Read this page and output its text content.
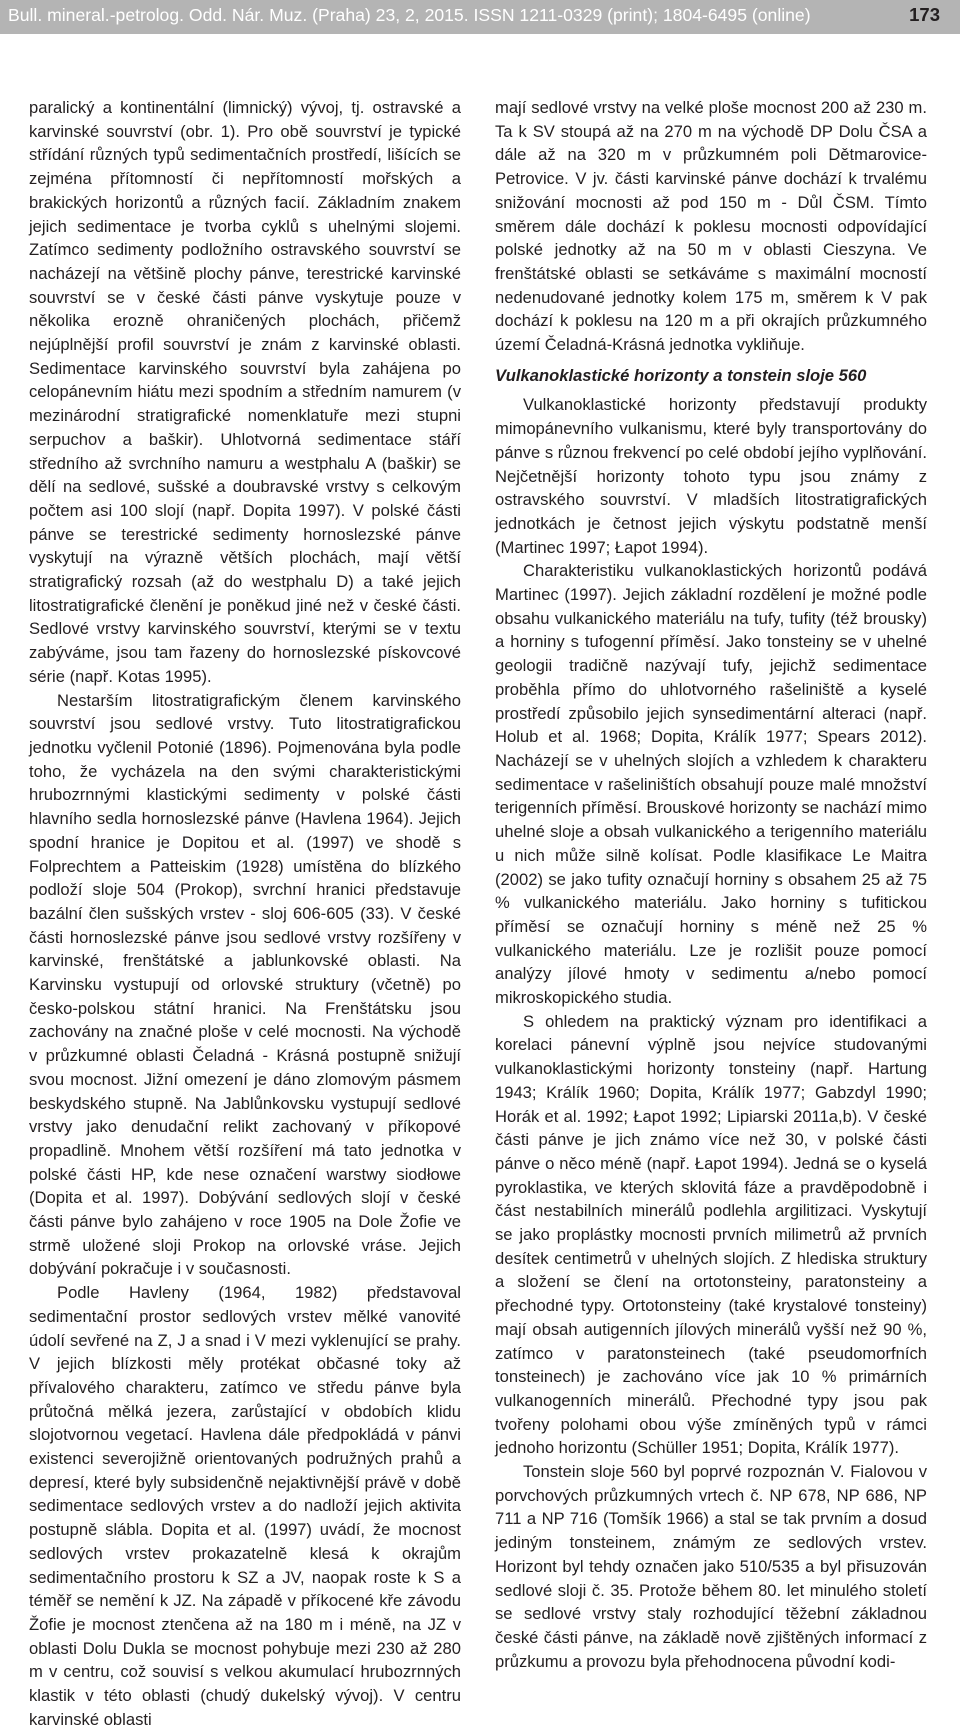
Bull. mineral.-petrolog. Odd. Nár. Muz. (Praha) 23, 2, 2015. ISSN 1211-0329 (print); 1804-6495 (online)	173

paralický a kontinentální (limnický) vývoj, tj. ostravské a karvinské souvrství (obr. 1). Pro obě souvrství je typické střídání různých typů sedimentačních prostředí, lišících se zejména přítomností či nepřítomností mořských a brakických horizontů a různých facií. Základním znakem jejich sedimentace je tvorba cyklů s uhelnými slojemi. Zatímco sedimenty podložního ostravského souvrství se nacházejí na většině plochy pánve, terestrické karvinské souvrství se v české části pánve vyskytuje pouze v několika erozně ohraničených plochách, přičemž nejúplnější profil souvrství je znám z karvinské oblasti. Sedimentace karvinského souvrství byla zahájena po celopánevním hiátu mezi spodním a středním namurem (v mezinárodní stratigrafické nomenklatuře mezi stupni serpuchov a baškir). Uhlotvorná sedimentace stáří středního až svrchního namuru a westphalu A (baškir) se dělí na sedlové, sušské a doubravské vrstvy s celkovým počtem asi 100 slojí (např. Dopita 1997). V polské části pánve se terestrické sedimenty hornoslezské pánve vyskytují na výrazně větších plochách, mají větší stratigrafický rozsah (až do westphalu D) a také jejich litostratigrafické členění je poněkud jiné než v české části. Sedlové vrstvy karvinského souvrství, kterými se v textu zabýváme, jsou tam řazeny do hornoslezské pískovcové série (např. Kotas 1995).

Nestarším litostratigrafickým členem karvinského souvrství jsou sedlové vrstvy. Tuto litostratigrafickou jednotku vyčlenil Potonié (1896). Pojmenována byla podle toho, že vycházela na den svými charakteristickými hrubozrnnými klastickými sedimenty v polské části hlavního sedla hornoslezské pánve (Havlena 1964). Jejich spodní hranice je Dopitou et al. (1997) ve shodě s Folprechtem a Patteiskim (1928) umístěna do blízkého podloží sloje 504 (Prokop), svrchní hranici představuje bazální člen sušských vrstev - sloj 606-605 (33). V české části hornoslezské pánve jsou sedlové vrstvy rozšířeny v karvinské, frenštátské a jablunkovské oblasti. Na Karvinsku vystupují od orlovské struktury (včetně) po česko-polskou státní hranici. Na Frenštátsku jsou zachovány na značné ploše v celé mocnosti. Na východě v průzkumné oblasti Čeladná - Krásná postupně snižují svou mocnost. Jižní omezení je dáno zlomovým pásmem beskydského stupně. Na Jablůnkovsku vystupují sedlové vrstvy jako denudační relikt zachovaný v příkopové propadlině. Mnohem větší rozšíření má tato jednotka v polské části HP, kde nese označení warstwy siodłowe (Dopita et al. 1997). Dobývání sedlových slojí v české části pánve bylo zahájeno v roce 1905 na Dole Žofie ve strmě uložené sloji Prokop na orlovské vrásе. Jejich dobývání pokračuje i v současnosti.

Podle Havleny (1964, 1982) představoval sedimentační prostor sedlových vrstev mělké vanovité údolí sevřené na Z, J a snad i V mezi vyklenující se prahy. V jejich blízkosti měly protékat občasné toky až přívalového charakteru, zatímco ve středu pánve byla průtočná mělká jezera, zarůstající v obdobích klidu slojotvornou vegetací. Havlena dále předpokládá v pánvi existenci severojižně orientovaných podružných prahů a depresí, které byly subsidenčně nejaktivnější právě v době sedimentace sedlových vrstev a do nadloží jejich aktivita postupně slábla. Dopita et al. (1997) uvádí, že mocnost sedlových vrstev prokazatelně klesá k okrajům sedimentačního prostoru k SZ a JV, naopak roste k S a téměř se nemění k JZ. Na západě v příkocené kře závodu Žofie je mocnost ztenčena až na 180 m i méně, na JZ v oblasti Dolu Dukla se mocnost pohybuje mezi 230 až 280 m v centru, což souvisí s velkou akumulací hrubozrnných klastik v této oblasti (chudý dukelský vývoj). V centru karvinské oblasti

mají sedlové vrstvy na velké ploše mocnost 200 až 230 m. Ta k SV stoupá až na 270 m na východě DP Dolu ČSA a dále až na 320 m v průzkumném poli Dětmarovice-Petrovice. V jv. části karvinské pánve dochází k trvalému snižování mocnosti až pod 150 m - Důl ČSM. Tímto směrem dále dochází k poklesu mocnosti odpovídající polské jednotky až na 50 m v oblasti Cieszyna. Ve frenštátské oblasti se setkáváme s maximální mocností nedenudované jednotky kolem 175 m, směrem k V pak dochází k poklesu na 120 m a při okrajích průzkumného území Čeladná-Krásná jednotka vykliňuje.

Vulkanoklastické horizonty a tonstein sloje 560

Vulkanoklastické horizonty představují produkty mimopánevního vulkanismu, které byly transportovány do pánve s různou frekvencí po celé období jejího vyplňování. Nejčetnější horizonty tohoto typu jsou známy z ostravského souvrství. V mladších litostratigrafických jednotkách je četnost jejich výskytu podstatně menší (Martinec 1997; Łapot 1994).

Charakteristiku vulkanoklastických horizontů podává Martinec (1997). Jejich základní rozdělení je možné podle obsahu vulkanického materiálu na tufy, tufity (též brousky) a horniny s tufogenní příměsí. Jako tonsteiny se v uhelné geologii tradičně nazývají tufy, jejichž sedimentace proběhla přímo do uhlotvorného rašeliniště a kyselé prostředí způsobilo jejich synsedimentární alteraci (např. Holub et al. 1968; Dopita, Králík 1977; Spears 2012). Nacházejí se v uhelných slojích a vzhledem k charakteru sedimentace v rašeliništích obsahují pouze malé množství terigenních příměsí. Brouskové horizonty se nachází mimo uhelné sloje a obsah vulkanického a terigenního materiálu u nich může silně kolísat. Podle klasifikace Le Maitra (2002) se jako tufity označují horniny s obsahem 25 až 75 % vulkanického materiálu. Jako horniny s tufitickou příměsí se označují horniny s méně než 25 % vulkanického materiálu. Lze je rozlišit pouze pomocí analýzy jílové hmoty v sedimentu a/nebo pomocí mikroskopického studia.

S ohledem na praktický význam pro identifikaci a korelaci pánevní výplně jsou nejvíce studovanými vulkanoklastickými horizonty tonsteiny (např. Hartung 1943; Králík 1960; Dopita, Králík 1977; Gabzdyl 1990; Horák et al. 1992; Łapot 1992; Lipiarski 2011a,b). V české části pánve je jich známo více než 30, v polské části pánve o něco méně (např. Łapot 1994). Jedná se o kyselá pyroklastika, ve kterých sklovitá fáze a pravděpodobně i část nestabilních minerálů podlehla argilitizaci. Vyskytují se jako proplástky mocnosti prvních milimetrů až prvních desítek centimetrů v uhelných slojích. Z hlediska struktury a složení se člení na ortotonsteiny, paratonsteiny a přechodné typy. Ortotonsteiny (také krystalové tonsteiny) mají obsah autigenních jílových minerálů vyšší než 90 %, zatímco v paratonsteinech (také pseudomorfních tonsteinech) je zachováno více jak 10 % primárních vulkanogenních minerálů. Přechodné typy jsou pak tvořeny polohami obou výše zmíněných typů v rámci jednoho horizontu (Schüller 1951; Dopita, Králík 1977).

Tonstein sloje 560 byl poprvé rozpoznán V. Fialovou v porvchových průzkumných vrtech č. NP 678, NP 686, NP 711 a NP 716 (Tomšík 1966) a stal se tak prvním a dosud jediným tonsteinem, známým ze sedlových vrstev. Horizont byl tehdy označen jako 510/535 a byl přisuzován sedlové sloji č. 35. Protože během 80. let minulého století se sedlové vrstvy staly rozhodující těžební základnou české části pánve, na základě nově zjištěných informací z průzkumu a provozu byla přehodnocena původní kodi-
